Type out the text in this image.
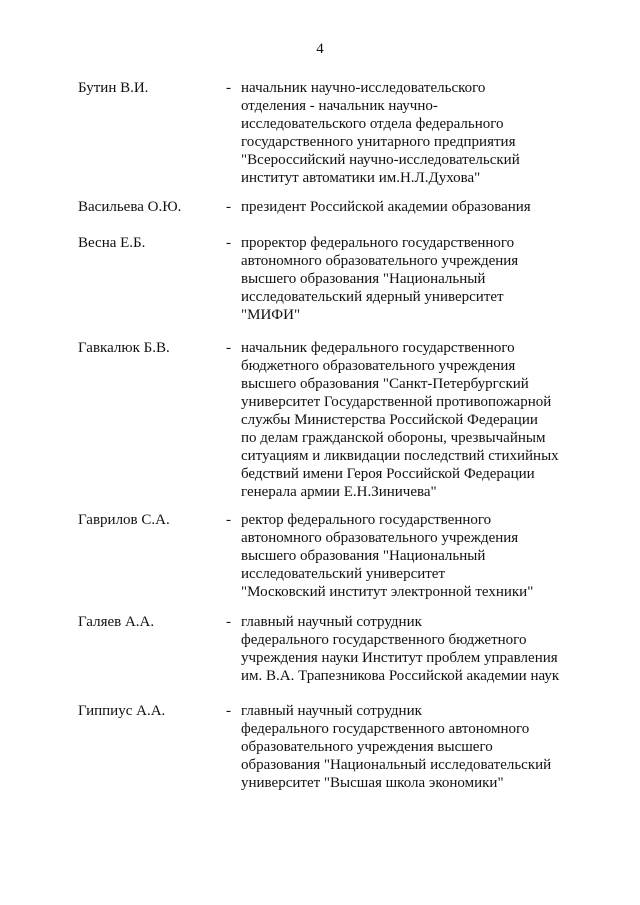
4
Бутин В.И.	- начальник научно-исследовательского
отделения - начальник научно-
исследовательского отдела федерального
государственного унитарного предприятия
"Всероссийский научно-исследовательский
институт автоматики им.Н.Л.Духова"
Васильева О.Ю.	- президент Российской академии образования
Весна Е.Б.	- проректор федерального государственного
автономного образовательного учреждения
высшего образования "Национальный
исследовательский ядерный университет
"МИФИ"
Гавкалюк Б.В.	- начальник федерального государственного
бюджетного образовательного учреждения
высшего образования "Санкт-Петербургский
университет Государственной противопожарной
службы Министерства Российской Федерации
по делам гражданской обороны, чрезвычайным
ситуациям и ликвидации последствий стихийных
бедствий имени Героя Российской Федерации
генерала армии Е.Н.Зиничева"
Гаврилов С.А.	- ректор федерального государственного
автономного образовательного учреждения
высшего образования "Национальный
исследовательский университет
"Московский институт электронной техники"
Галяев А.А.	- главный научный сотрудник
федерального государственного бюджетного
учреждения науки Институт проблем управления
им. В.А. Трапезникова Российской академии наук
Гиппиус А.А.	- главный научный сотрудник
федерального государственного автономного
образовательного учреждения высшего
образования "Национальный исследовательский
университет "Высшая школа экономики"
